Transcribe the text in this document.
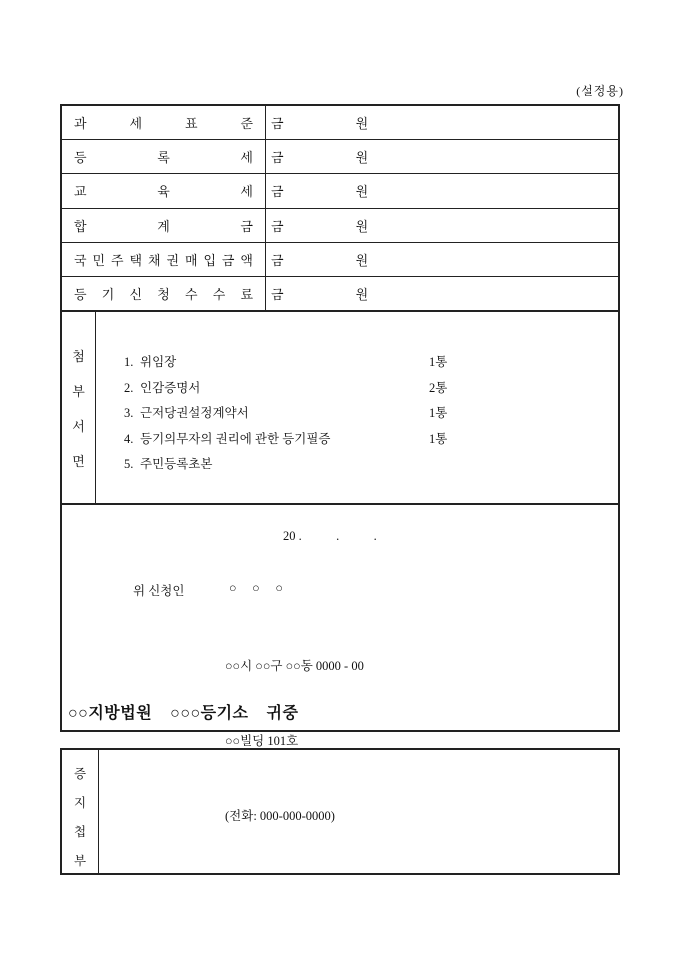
(설정용)
과 세 표 준 금	원
등 록 세 금	원
교 육 세 금	원
합 계 금 금	원
국 민 주 택 채 권 매 입 금 액 금	원
등 기 신 청 수 수 료 금	원
첨
부
서
면
1. 위임장	1통
2. 인감증명서	2통
3. 근저당권설정계약서	1통
4. 등기의무자의 권리에 관한 등기필증	1통
5. 주민등록초본
20 .           .           .
위 신청인	○     ○     ○

○○시 ○○구 ○○동 0000 - 00

○○빌딩 101호

(전화: 000-000-0000)

○○지방법원    ○○○등기소    귀중
증
지
첩
부
